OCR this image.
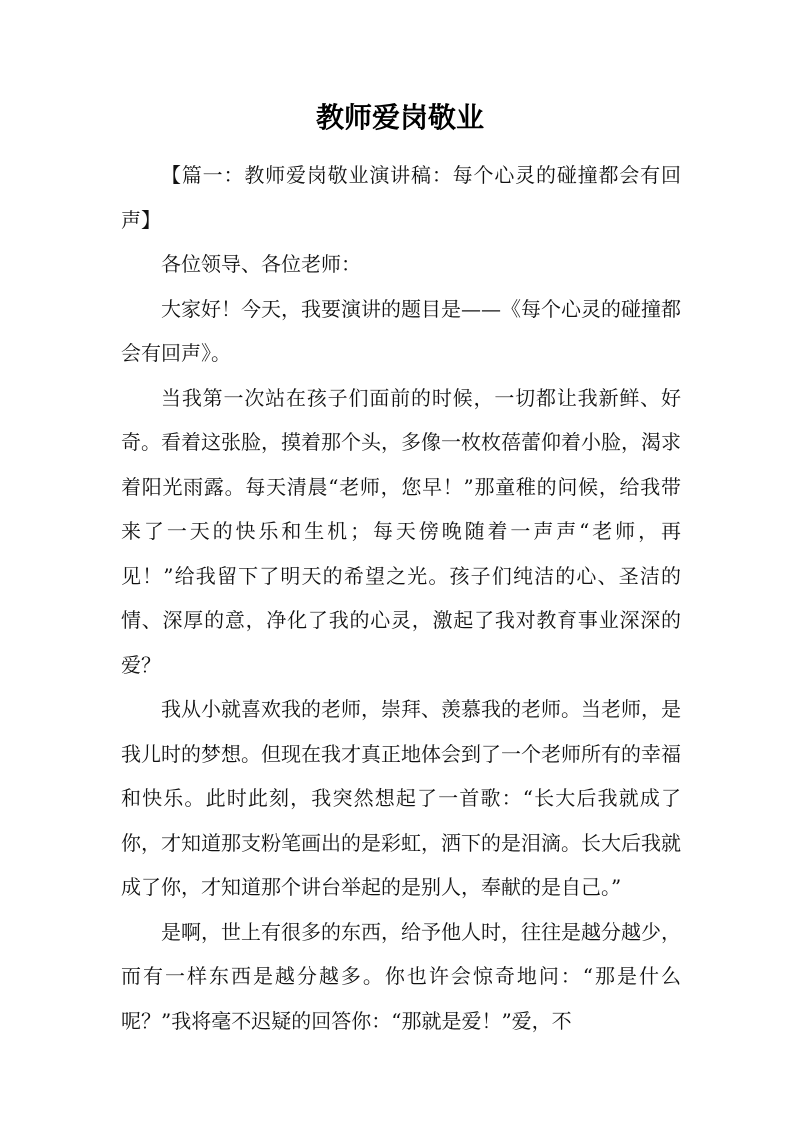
教师爱岗敬业

【篇一：教师爱岗敬业演讲稿：每个心灵的碰撞都会有回声】

各位领导、各位老师：

大家好！今天，我要演讲的题目是——《每个心灵的碰撞都会有回声》。

当我第一次站在孩子们面前的时候，一切都让我新鲜、好奇。看着这张脸，摸着那个头，多像一枚枚蓓蕾仰着小脸，渴求着阳光雨露。每天清晨“老师，您早！”那童稚的问候，给我带来了一天的快乐和生机；每天傍晚随着一声声“老师，再见！”给我留下了明天的希望之光。孩子们纯洁的心、圣洁的情、深厚的意，净化了我的心灵，激起了我对教育事业深深的爱？

我从小就喜欢我的老师，崇拜、羡慕我的老师。当老师，是我儿时的梦想。但现在我才真正地体会到了一个老师所有的幸福和快乐。此时此刻，我突然想起了一首歌：“长大后我就成了你，才知道那支粉笔画出的是彩虹，洒下的是泪滴。长大后我就成了你，才知道那个讲台举起的是别人，奉献的是自己。”

是啊，世上有很多的东西，给予他人时，往往是越分越少，而有一样东西是越分越多。你也许会惊奇地问：“那是什么呢？”我将毫不迟疑的回答你：“那就是爱！”爱，不
